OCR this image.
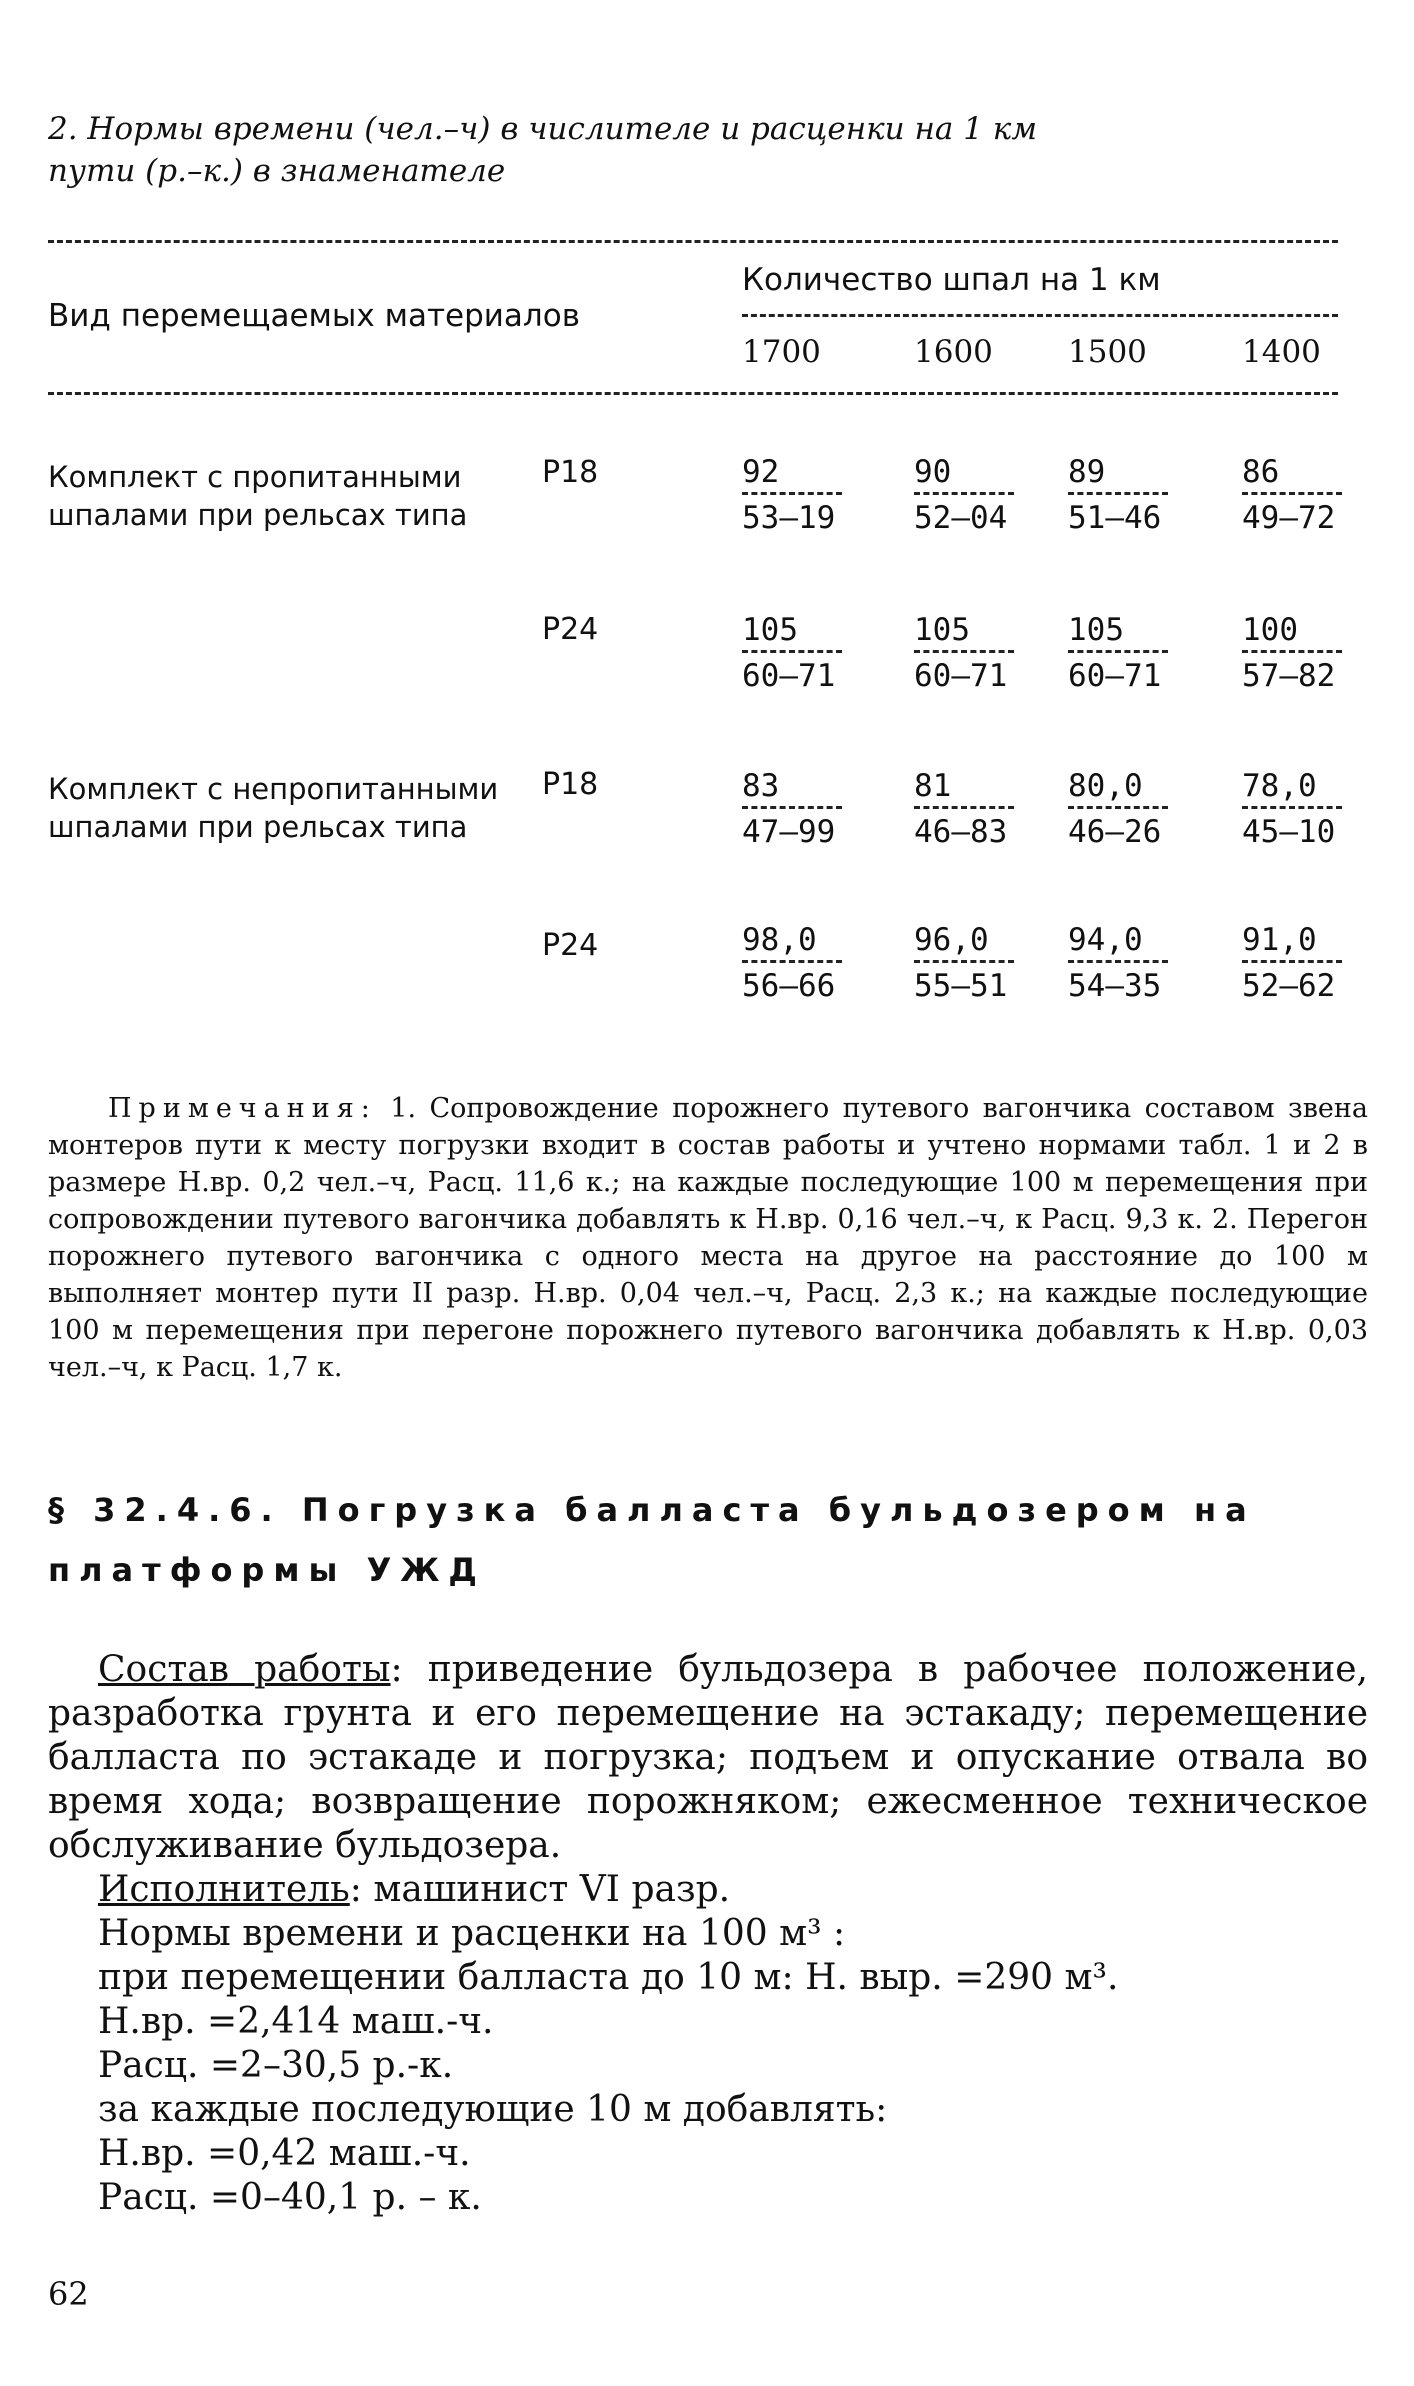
2. Нормы времени (чел.–ч) в числителе и расценки на 1 км пути (р.–к.) в знаменателе
Вид перемещаемых материалов
Количество шпал на 1 км
1700	1600	1500	1400
Комплект с пропитанными шпалами при рельсах типа
Р18	$\frac{92}{53-19} \frac{90}{52-04} \frac{89}{51-46} \frac{86}{49-72}$
Р24	$\frac{105}{60-71} \frac{105}{60-71} \frac{105}{60-71} \frac{100}{57-82}$
Комплект с непропитанными шпалами при рельсах типа
Р18	$\frac{83}{47-99} \frac{81}{46-83} \frac{80,0}{46-26} \frac{78,0}{45-10}$
Р24	$\frac{98,0}{56-66} \frac{96,0}{55-51} \frac{94,0}{54-35} \frac{91,0}{52-62}$
Примечания: 1. Сопровождение порожнего путевого вагончика составом звена монтеров пути к месту погрузки входит в состав работы и учтено нормами табл. 1 и 2 в размере Н.вр. 0,2 чел.–ч, Расц. 11,6 к.; на каждые последующие 100 м перемещения при сопровождении путевого вагончика добавлять к Н.вр. 0,16 чел.–ч, к Расц. 9,3 к. 2. Перегон порожнего путевого вагончика с одного места на другое на расстояние до 100 м выполняет монтер пути II разр. Н.вр. 0,04 чел.–ч, Расц. 2,3 к.; на каждые последующие 100 м перемещения при перегоне порожнего путевого вагончика добавлять к Н.вр. 0,03 чел.–ч, к Расц. 1,7 к.
§ 32.4.6. Погрузка балласта бульдозером на платформы УЖД
Состав работы: приведение бульдозера в рабочее положение, разработка грунта и его перемещение на эстакаду; перемещение балласта по эстакаде и погрузка; подъем и опускание отвала во время хода; возвращение порожняком; ежесменное техническое обслуживание бульдозера.
Исполнитель: машинист VI разр.
Нормы времени и расценки на 100 м³ :
при перемещении балласта до 10 м: Н. выр. =290 м³.
Н.вр. =2,414 маш.-ч.
Расц. =2–30,5 р.-к.
за каждые последующие 10 м добавлять:
Н.вр. =0,42 маш.-ч.
Расц. =0–40,1 р. – к.
62
